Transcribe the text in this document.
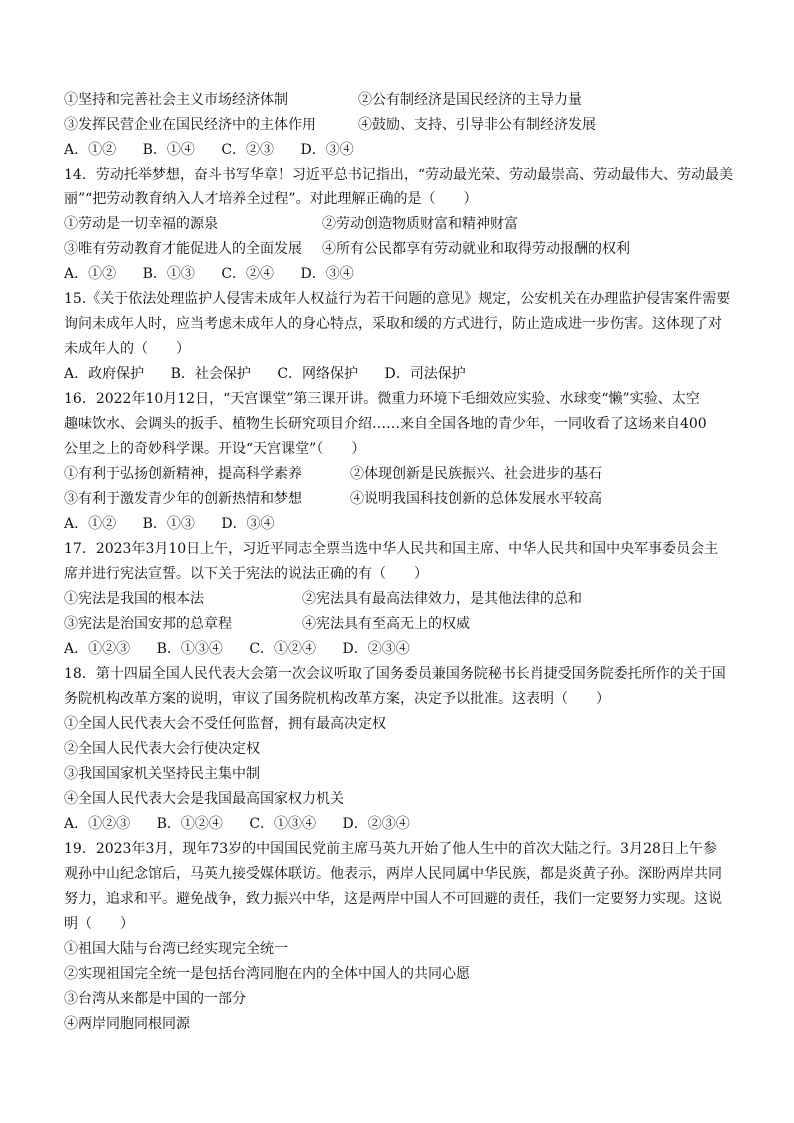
①坚持和完善社会主义市场经济体制	②公有制经济是国民经济的主导力量
③发挥民营企业在国民经济中的主体作用	④鼓励、支持、引导非公有制经济发展
A．①② B．①④ C．②③ D．③④
14．劳动托举梦想，奋斗书写华章！习近平总书记指出，“劳动最光荣、劳动最崇高、劳动最伟大、劳动最美
丽”“把劳动教育纳入人才培养全过程”。对此理解正确的是（　　）
①劳动是一切幸福的源泉	②劳动创造物质财富和精神财富
③唯有劳动教育才能促进人的全面发展 ④所有公民都享有劳动就业和取得劳动报酬的权利
A．①② B．①③ C．②④ D．③④
15.《关于依法处理监护人侵害未成年人权益行为若干问题的意见》规定，公安机关在办理监护侵害案件需要
询问未成年人时，应当考虑未成年人的身心特点，采取和缓的方式进行，防止造成进一步伤害。这体现了对
未成年人的（　　）
A．政府保护 B．社会保护 C．网络保护 D．司法保护
16．2022年10月12日，“天宫课堂”第三课开讲。微重力环境下毛细效应实验、水球变“懒”实验、太空
趣味饮水、会调头的扳手、植物生长研究项目介绍……来自全国各地的青少年，一同收看了这场来自400
公里之上的奇妙科学课。开设“天宫课堂”（　　）
①有利于弘扬创新精神，提高科学素养	②体现创新是民族振兴、社会进步的基石
③有利于激发青少年的创新热情和梦想	④说明我国科技创新的总体发展水平较高
A．①② B．①③ D．③④
17．2023年3月10日上午，习近平同志全票当选中华人民共和国主席、中华人民共和国中央军事委员会主
席并进行宪法宣誓。以下关于宪法的说法正确的有（　　）
①宪法是我国的根本法	②宪法具有最高法律效力，是其他法律的总和
③宪法是治国安邦的总章程	④宪法具有至高无上的权威
A．①②③ B．①③④ C．①②④ D．②③④
18．第十四届全国人民代表大会第一次会议听取了国务委员兼国务院秘书长肖捷受国务院委托所作的关于国
务院机构改革方案的说明，审议了国务院机构改革方案，决定予以批准。这表明（　　）
①全国人民代表大会不受任何监督，拥有最高决定权
②全国人民代表大会行使决定权
③我国国家机关坚持民主集中制
④全国人民代表大会是我国最高国家权力机关
A．①②③ B．①②④ C．①③④ D．②③④
19．2023年3月，现年73岁的中国国民党前主席马英九开始了他人生中的首次大陆之行。3月28日上午参
观孙中山纪念馆后，马英九接受媒体联访。他表示，两岸人民同属中华民族，都是炎黄子孙。深盼两岸共同
努力，追求和平。避免战争，致力振兴中华，这是两岸中国人不可回避的责任，我们一定要努力实现。这说
明（　　）
①祖国大陆与台湾已经实现完全统一
②实现祖国完全统一是包括台湾同胞在内的全体中国人的共同心愿
③台湾从来都是中国的一部分
④两岸同胞同根同源
